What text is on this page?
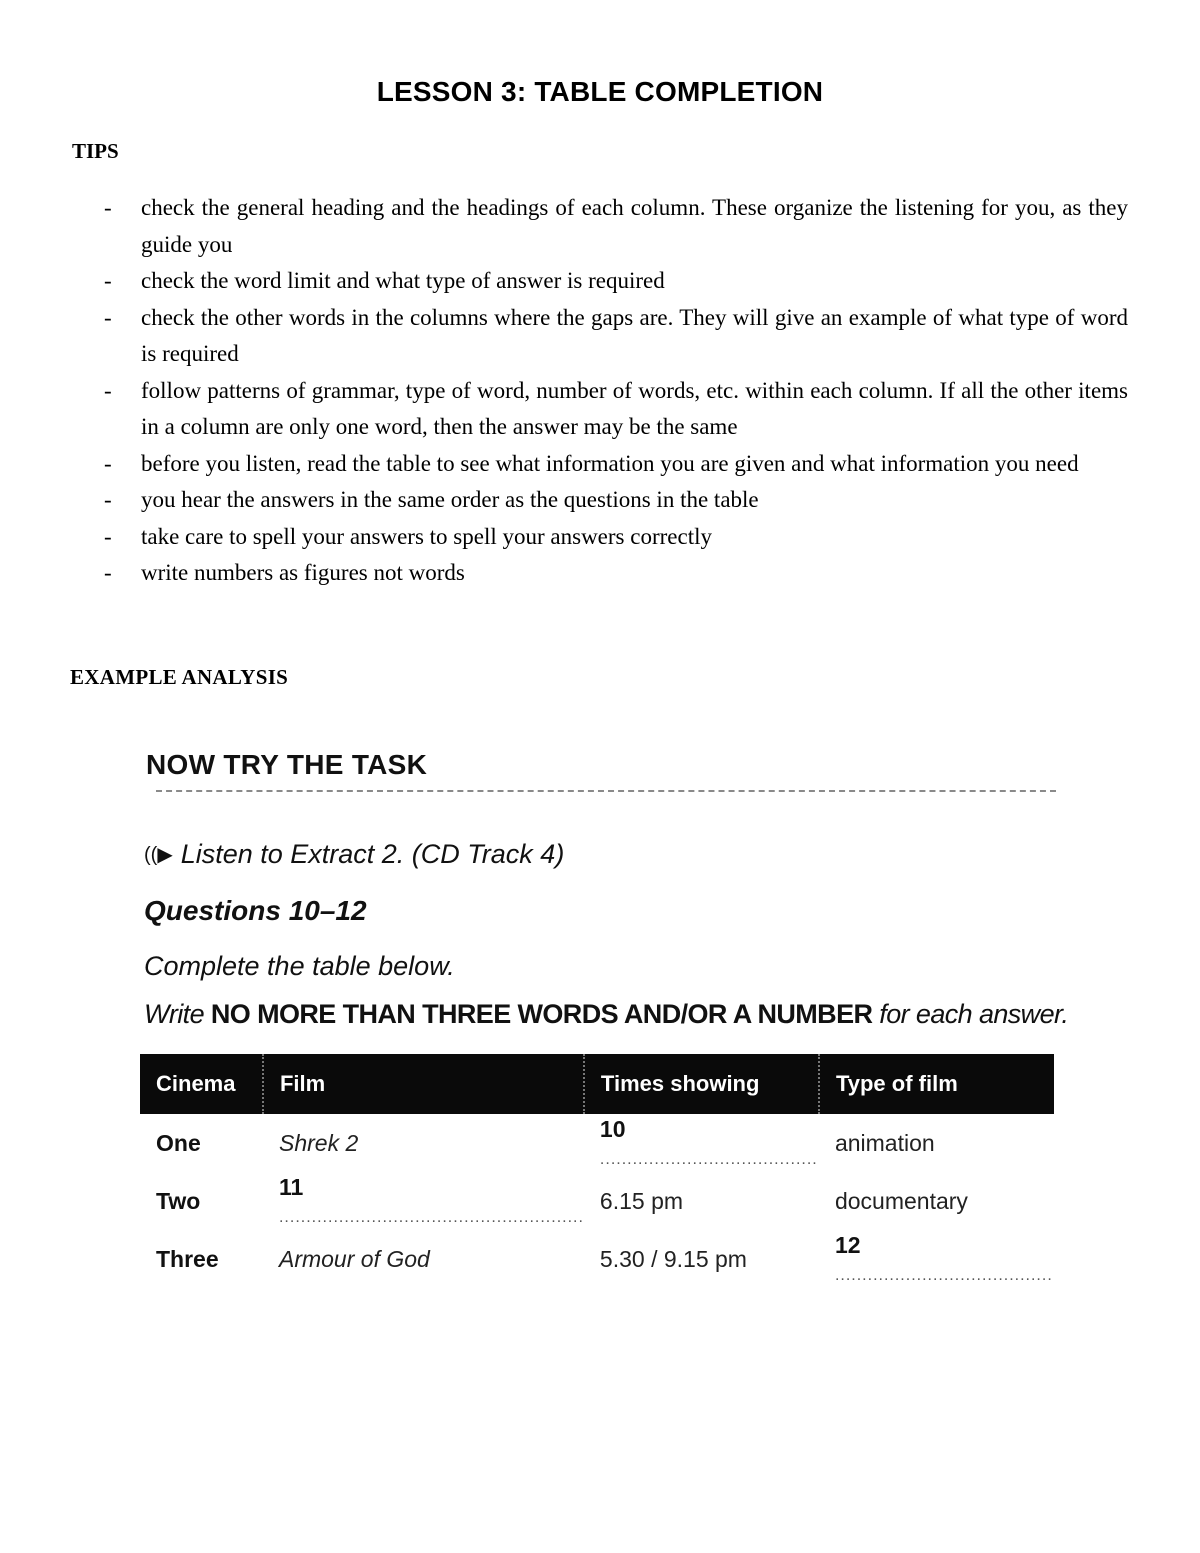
LESSON 3: TABLE COMPLETION
TIPS
- check the general heading and the headings of each column. These organize the listening for you, as they guide you
- check the word limit and what type of answer is required
- check the other words in the columns where the gaps are. They will give an example of what type of word is required
- follow patterns of grammar, type of word, number of words, etc. within each column. If all the other items in a column are only one word, then the answer may be the same
- before you listen, read the table to see what information you are given and what information you need
- you hear the answers in the same order as the questions in the table
- take care to spell your answers to spell your answers correctly
- write numbers as figures not words
EXAMPLE ANALYSIS
NOW TRY THE TASK
((▶ Listen to Extract 2. (CD Track 4)
Questions 10–12
Complete the table below.
Write NO MORE THAN THREE WORDS AND/OR A NUMBER for each answer.
Cinema	Film	Times showing	Type of film
One	Shrek 2	10 ........................................	animation
Two	11 ........................................................	6.15 pm	documentary
Three	Armour of God	5.30 / 9.15 pm	12 ........................................
